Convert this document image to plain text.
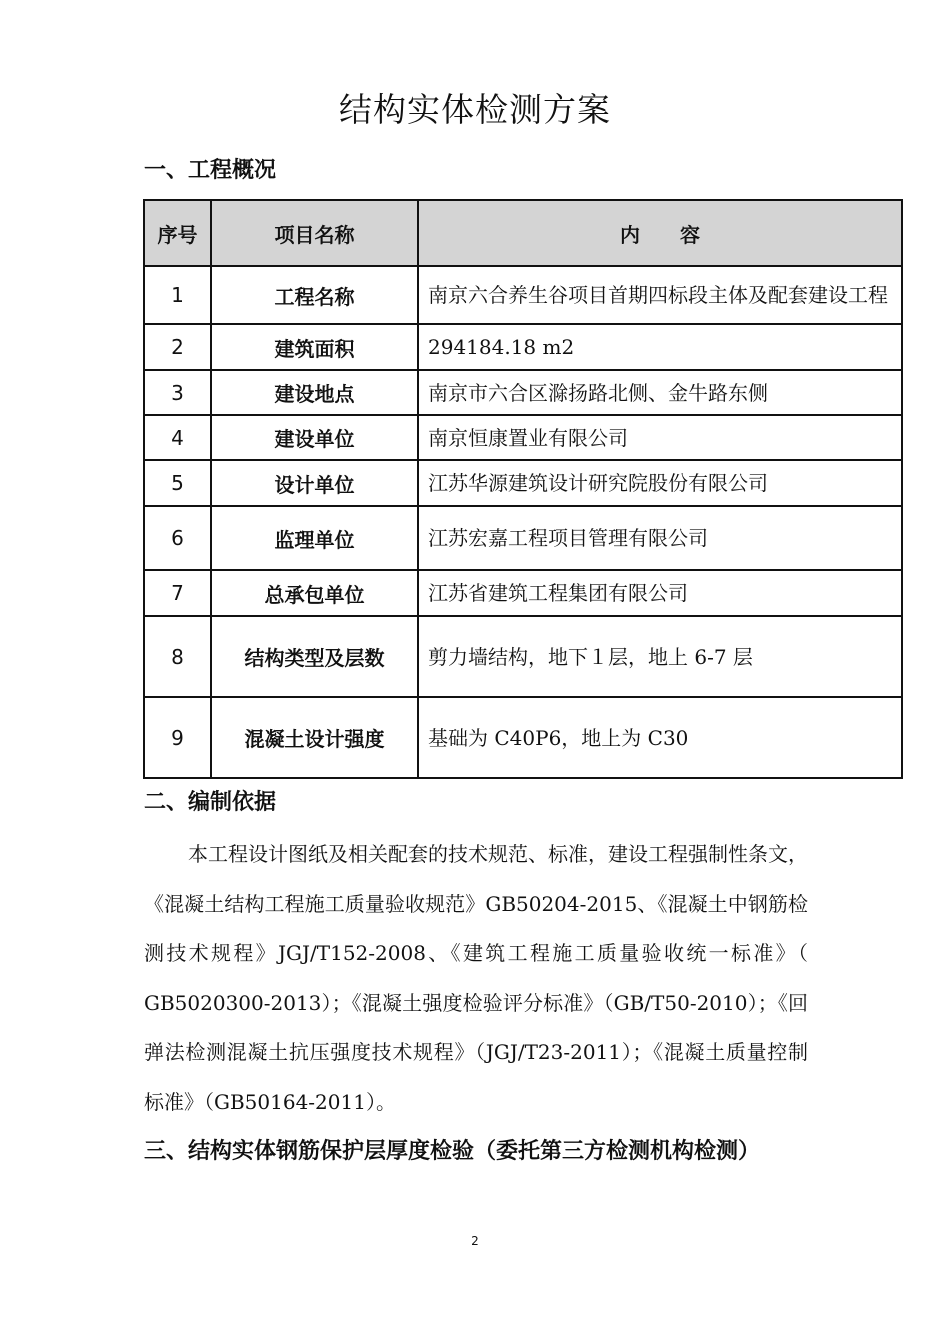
结构实体检测方案
一、工程概况
序号	项目名称	内　　容
1	工程名称	南京六合养生谷项目首期四标段主体及配套建设工程
2	建筑面积	294184.18 m2
3	建设地点	南京市六合区滁扬路北侧、金牛路东侧
4	建设单位	南京恒康置业有限公司
5	设计单位	江苏华源建筑设计研究院股份有限公司
6	监理单位	江苏宏嘉工程项目管理有限公司
7	总承包单位	江苏省建筑工程集团有限公司
8	结构类型及层数	剪力墙结构，地下１层，地上 6-7 层
9	混凝土设计强度	基础为 C40P6，地上为 C30
二、编制依据
本工程设计图纸及相关配套的技术规范、标准，建设工程强制性条文，《混凝土结构工程施工质量验收规范》GB50204-2015、《混凝土中钢筋检测技术规程》JGJ/T152-2008、《建筑工程施工质量验收统一标准》（ GB5020300-2013）；《混凝土强度检验评分标准》（GB/T50-2010）；《回弹法检测混凝土抗压强度技术规程》（JGJ/T23-2011）；《混凝土质量控制标准》（GB50164-2011）。
三、结构实体钢筋保护层厚度检验（委托第三方检测机构检测）
2
